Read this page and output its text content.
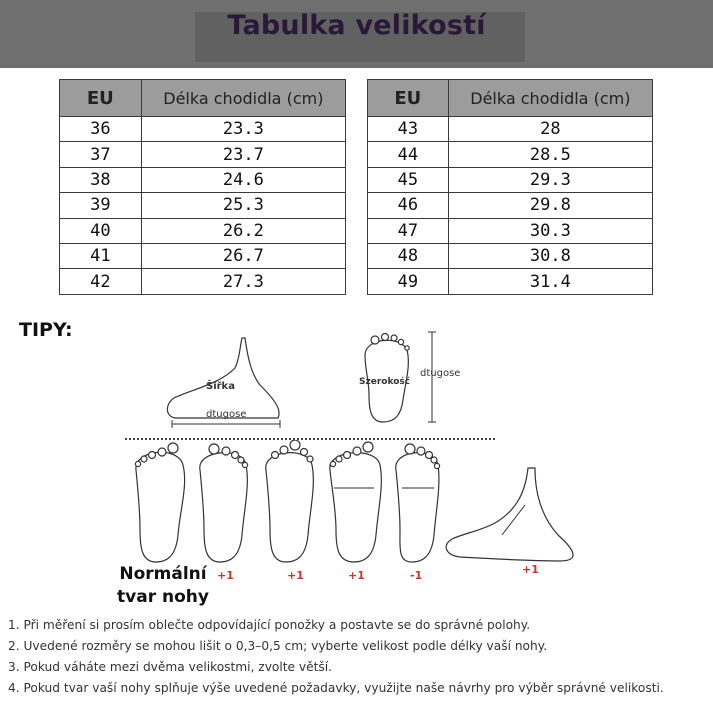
Tabulka velikostí
EU	Délka chodidla (cm)
36	23.3
37	23.7
38	24.6
39	25.3
40	26.2
41	26.7
42	27.3
EU	Délka chodidla (cm)
43	28
44	28.5
45	29.3
46	29.8
47	30.3
48	30.8
49	31.4
TIPY:
Šířka
dtugose
Szerokość
dtugose
+1	+1	+1	-1	+1
Normální tvar nohy
1. Při měření si prosím oblečte odpovídající ponožky a postavte se do správné polohy.
2. Uvedené rozměry se mohou lišit o 0,3–0,5 cm; vyberte velikost podle délky vaší nohy.
3. Pokud váháte mezi dvěma velikostmi, zvolte větší.
4. Pokud tvar vaší nohy splňuje výše uvedené požadavky, využijte naše návrhy pro výběr správné velikosti.
